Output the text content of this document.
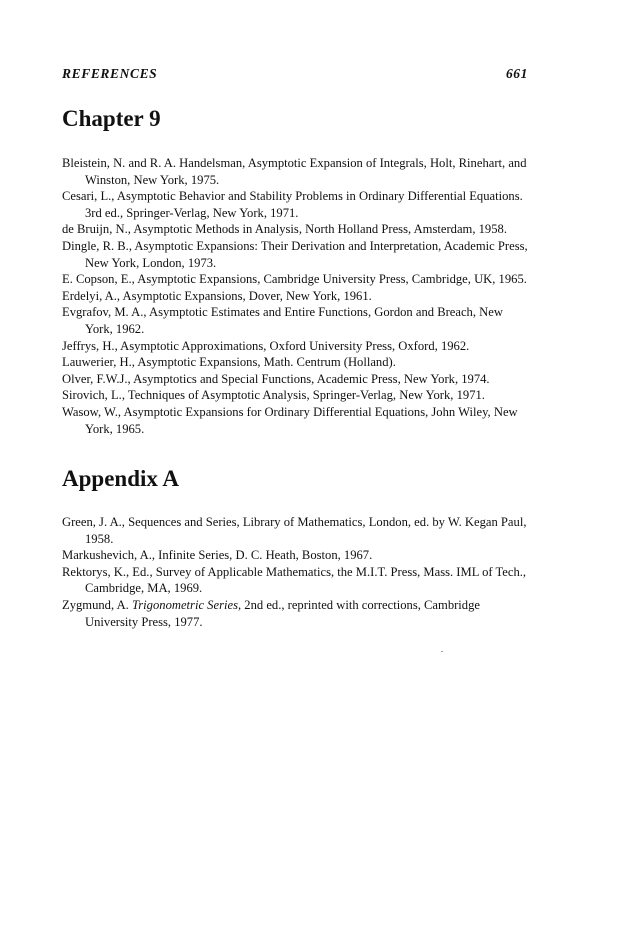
REFERENCES	661
Chapter 9
Bleistein, N. and R. A. Handelsman, Asymptotic Expansion of Integrals, Holt, Rinehart, and Winston, New York, 1975.
Cesari, L., Asymptotic Behavior and Stability Problems in Ordinary Differential Equations. 3rd ed., Springer-Verlag, New York, 1971.
de Bruijn, N., Asymptotic Methods in Analysis, North Holland Press, Amsterdam, 1958.
Dingle, R. B., Asymptotic Expansions: Their Derivation and Interpretation, Academic Press, New York, London, 1973.
E. Copson, E., Asymptotic Expansions, Cambridge University Press, Cambridge, UK, 1965.
Erdelyi, A., Asymptotic Expansions, Dover, New York, 1961.
Evgrafov, M. A., Asymptotic Estimates and Entire Functions, Gordon and Breach, New York, 1962.
Jeffrys, H., Asymptotic Approximations, Oxford University Press, Oxford, 1962.
Lauwerier, H., Asymptotic Expansions, Math. Centrum (Holland).
Olver, F.W.J., Asymptotics and Special Functions, Academic Press, New York, 1974.
Sirovich, L., Techniques of Asymptotic Analysis, Springer-Verlag, New York, 1971.
Wasow, W., Asymptotic Expansions for Ordinary Differential Equations, John Wiley, New York, 1965.
Appendix A
Green, J. A., Sequences and Series, Library of Mathematics, London, ed. by W. Kegan Paul, 1958.
Markushevich, A., Infinite Series, D. C. Heath, Boston, 1967.
Rektorys, K., Ed., Survey of Applicable Mathematics, the M.I.T. Press, Mass. IML of Tech., Cambridge, MA, 1969.
Zygmund, A. Trigonometric Series, 2nd ed., reprinted with corrections, Cambridge University Press, 1977.
